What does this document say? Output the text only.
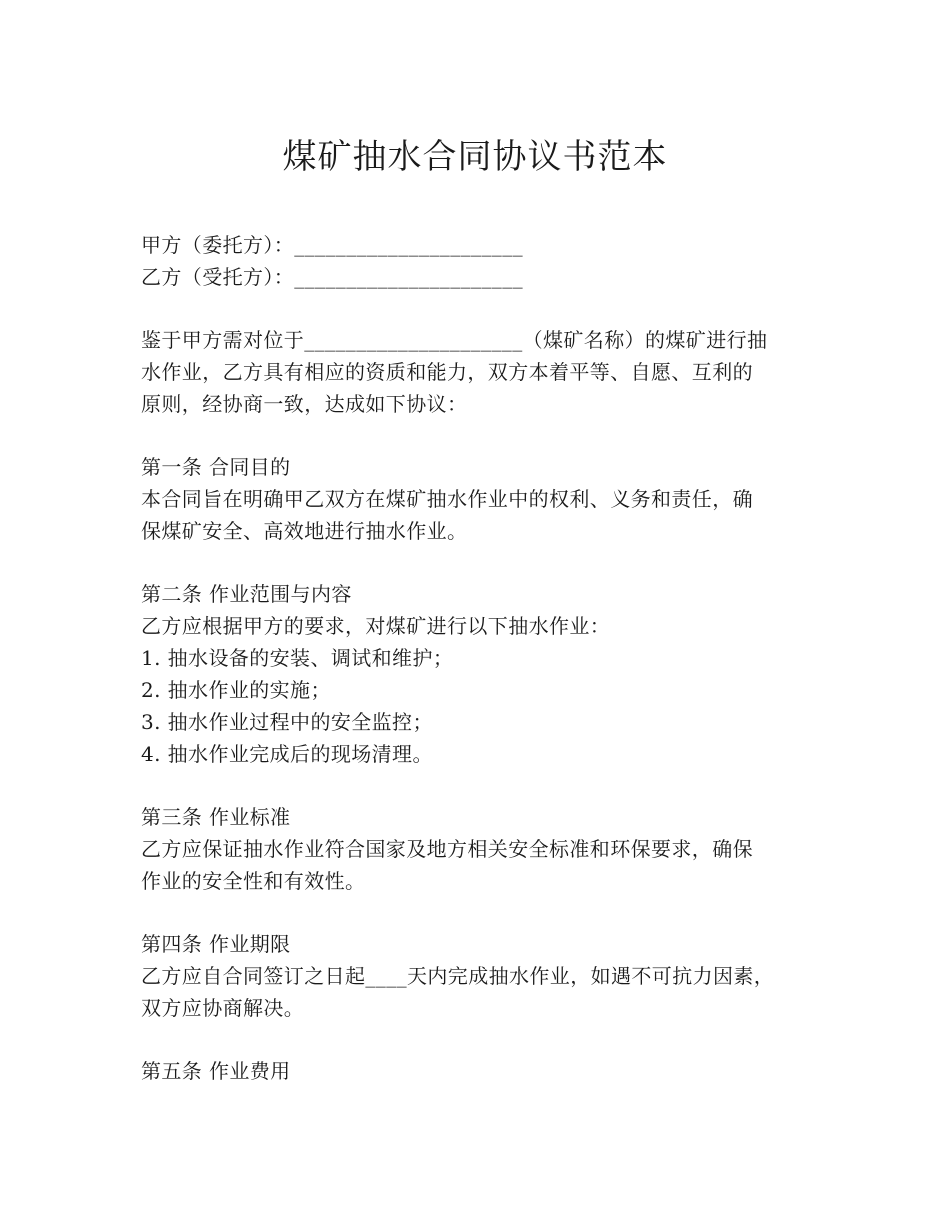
煤矿抽水合同协议书范本
甲方（委托方）：______________________
乙方（受托方）：______________________
鉴于甲方需对位于_____________________（煤矿名称）的煤矿进行抽
水作业，乙方具有相应的资质和能力，双方本着平等、自愿、互利的
原则，经协商一致，达成如下协议：
第一条 合同目的
本合同旨在明确甲乙双方在煤矿抽水作业中的权利、义务和责任，确
保煤矿安全、高效地进行抽水作业。
第二条 作业范围与内容
乙方应根据甲方的要求，对煤矿进行以下抽水作业：
1. 抽水设备的安装、调试和维护；
2. 抽水作业的实施；
3. 抽水作业过程中的安全监控；
4. 抽水作业完成后的现场清理。
第三条 作业标准
乙方应保证抽水作业符合国家及地方相关安全标准和环保要求，确保
作业的安全性和有效性。
第四条 作业期限
乙方应自合同签订之日起____天内完成抽水作业，如遇不可抗力因素，
双方应协商解决。
第五条 作业费用
